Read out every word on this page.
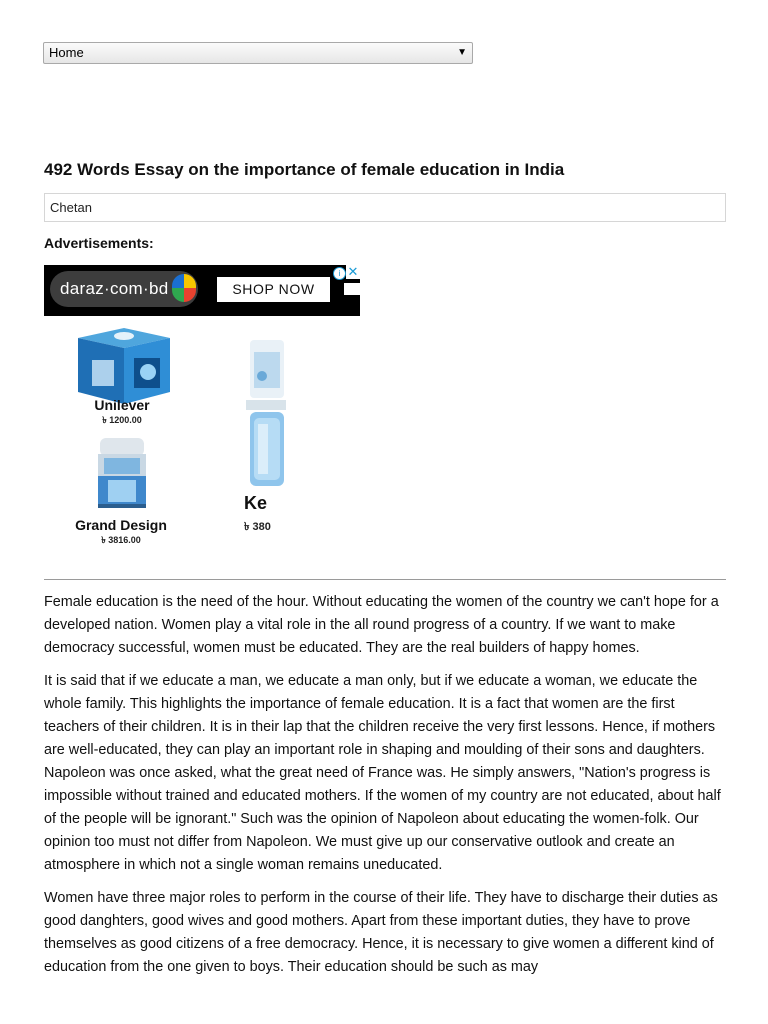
Home	▼
492 Words Essay on the importance of female education in India
Chetan
Advertisements:
daraz·com·bd	SHOP NOW
i ✕
Unilever
৳ 1200.00
Ke
৳ 380
Grand Design
৳ 3816.00

Female education is the need of the hour. Without educating the women of the country we can't hope for a developed nation. Women play a vital role in the all round progress of a country. If we want to make democracy successful, women must be educated. They are the real builders of happy homes.

It is said that if we educate a man, we educate a man only, but if we educate a woman, we educate the whole family. This highlights the importance of female education. It is a fact that women are the first teachers of their children. It is in their lap that the children receive the very first lessons. Hence, if mothers are well-educated, they can play an important role in shaping and moulding of their sons and daughters. Napoleon was once asked, what the great need of France was. He simply answers, "Nation's progress is impossible without trained and educated mothers. If the women of my country are not educated, about half of the people will be ignorant." Such was the opinion of Napoleon about educating the women-folk. Our opinion too must not differ from Napoleon. We must give up our conservative outlook and create an atmosphere in which not a single woman remains uneducated.

Women have three major roles to perform in the course of their life. They have to discharge their duties as good danghters, good wives and good mothers. Apart from these important duties, they have to prove themselves as good citizens of a free democracy. Hence, it is necessary to give women a different kind of education from the one given to boys. Their education should be such as may
